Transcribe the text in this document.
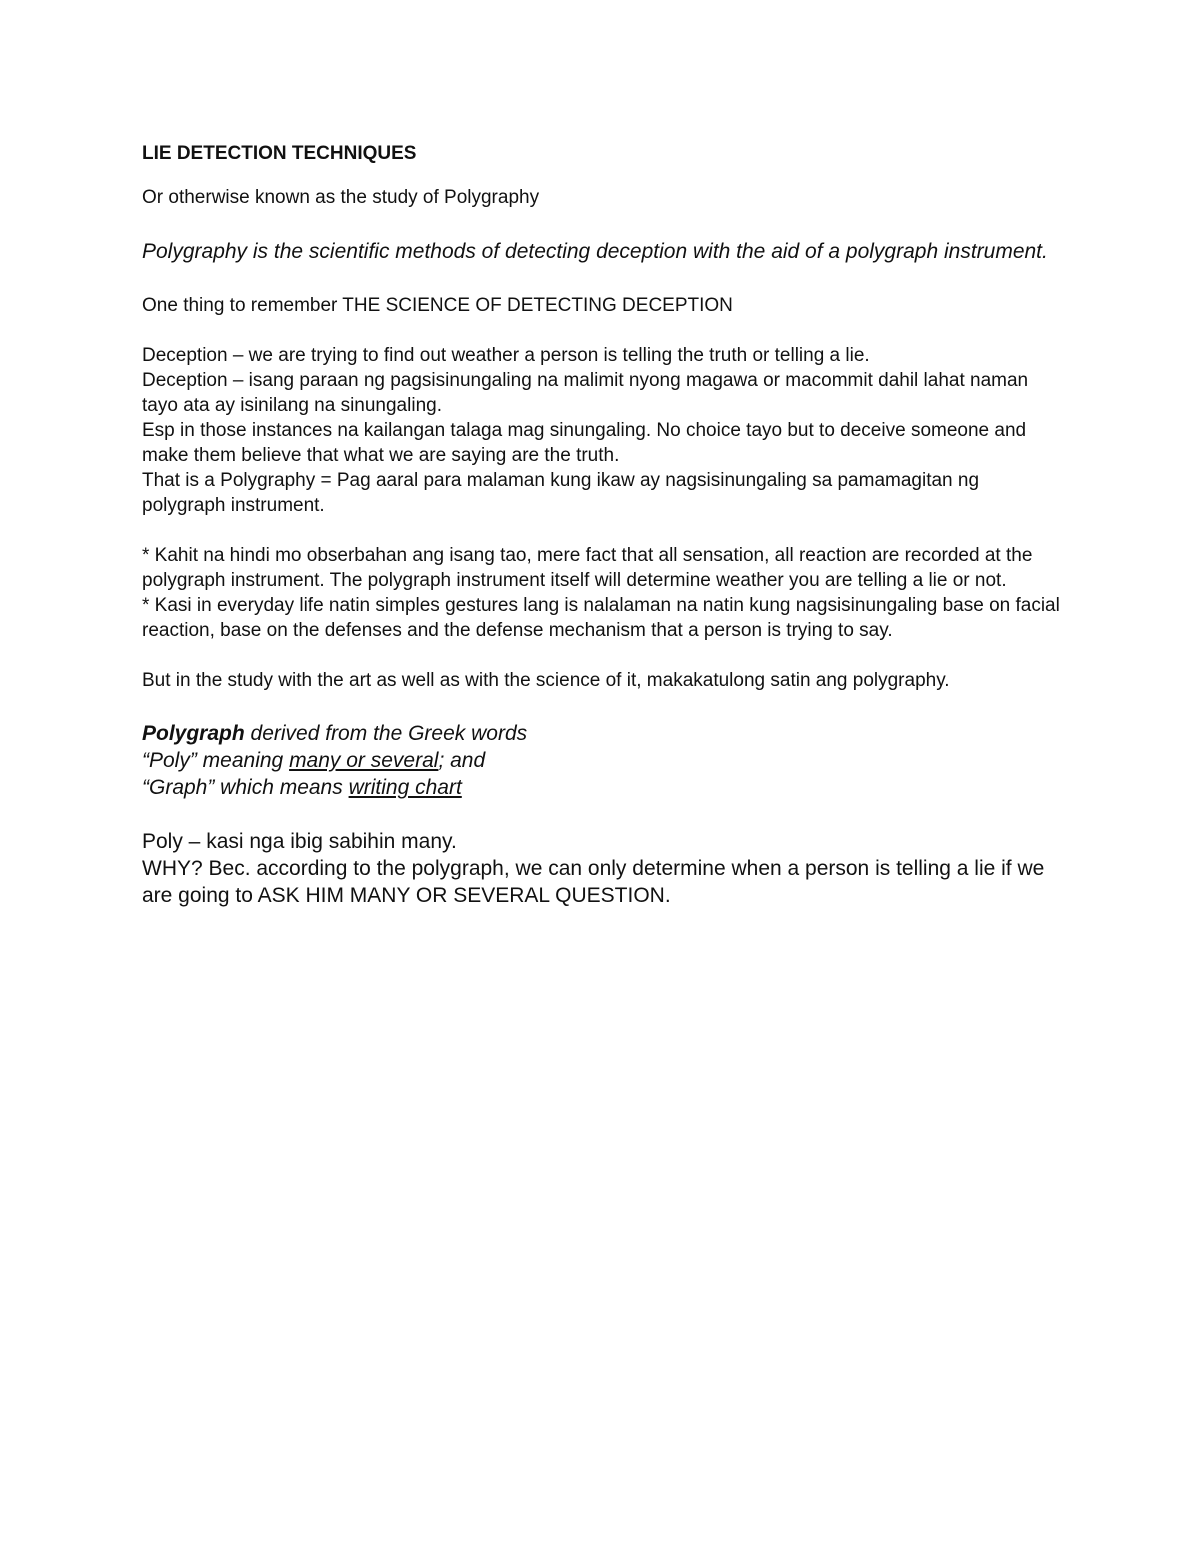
LIE DETECTION TECHNIQUES

Or otherwise known as the study of Polygraphy

Polygraphy is the scientific methods of detecting deception with the aid of a polygraph instrument.

One thing to remember THE SCIENCE OF DETECTING DECEPTION

Deception – we are trying to find out weather a person is telling the truth or telling a lie.

Deception – isang paraan ng pagsisinungaling na malimit nyong magawa or macommit dahil lahat naman tayo ata ay isinilang na sinungaling.

Esp in those instances na kailangan talaga mag sinungaling. No choice tayo but to deceive someone and make them believe that what we are saying are the truth.

That is a Polygraphy = Pag aaral para malaman kung ikaw ay nagsisinungaling sa pamamagitan ng polygraph instrument.

* Kahit na hindi mo obserbahan ang isang tao, mere fact that all sensation, all reaction are recorded at the polygraph instrument. The polygraph instrument itself will determine weather you are telling a lie or not.

* Kasi in everyday life natin simples gestures lang is nalalaman na natin kung nagsisinungaling base on facial reaction, base on the defenses and the defense mechanism that a person is trying to say.

But in the study with the art as well as with the science of it, makakatulong satin ang polygraphy.

Polygraph derived from the Greek words
“Poly” meaning many or several; and
“Graph” which means writing chart

Poly – kasi nga ibig sabihin many.

WHY? Bec. according to the polygraph, we can only determine when a person is telling a lie if we are going to ASK HIM MANY OR SEVERAL QUESTION.
